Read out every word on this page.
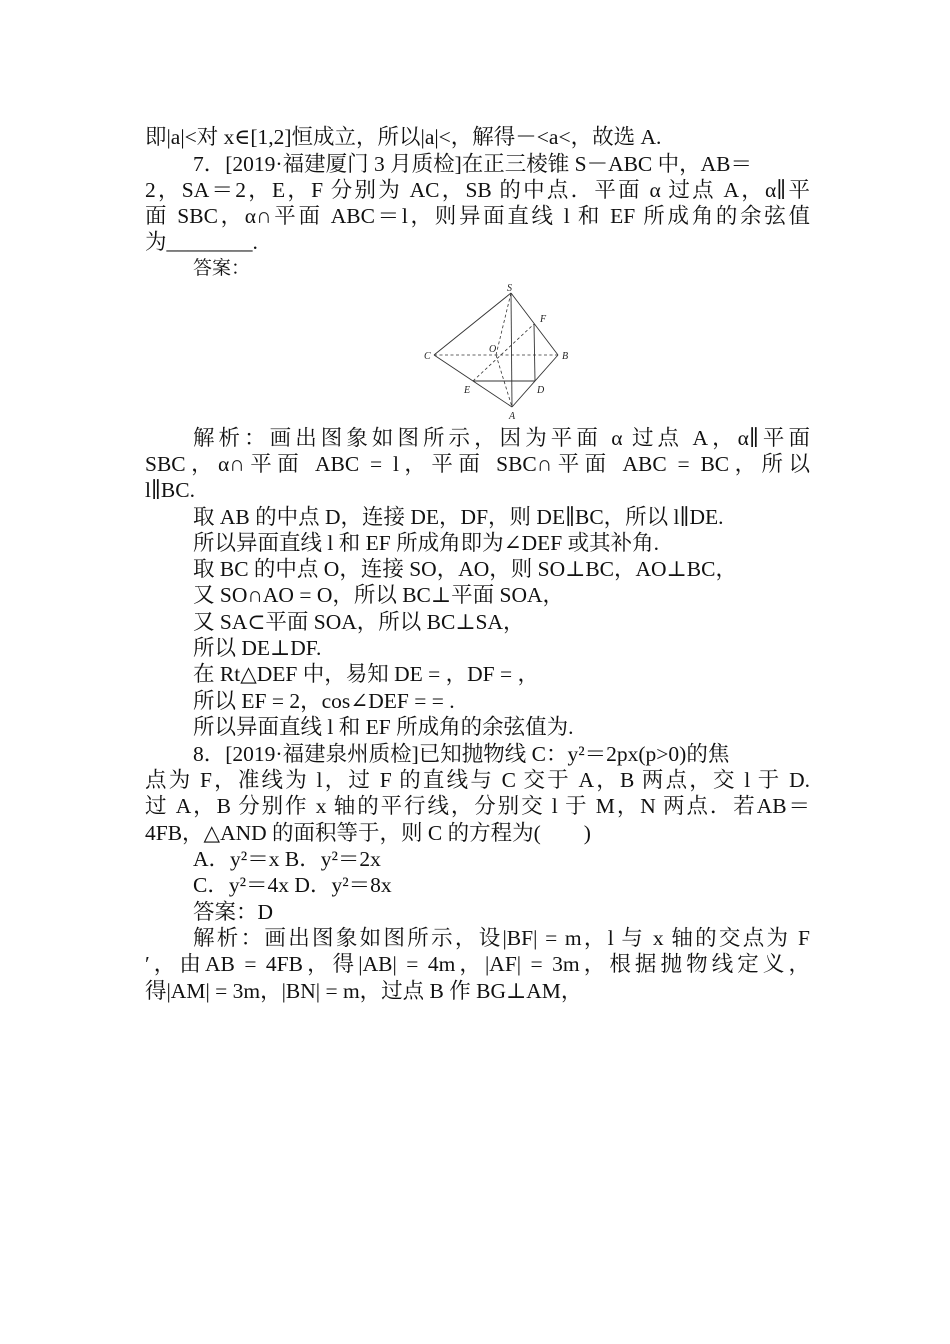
即|a|<对 x∈[1,2]恒成立，所以|a|<，解得－<a<，故选 A.
7．[2019·福建厦门 3 月质检]在正三棱锥 S－ABC 中，AB＝
2，SA＝2，E，F 分别为 AC，SB 的中点．平面 α 过点 A，α∥平
面 SBC，α∩平面 ABC＝l，则异面直线 l 和 EF 所成角的余弦值
为________.
答案：
S
F
C
O
B
E	D
A
解析：画出图象如图所示，因为平面 α 过点 A，α∥平面
SBC，α∩平面 ABC = l，平面 SBC∩平面 ABC = BC，所以
l∥BC.
取 AB 的中点 D，连接 DE，DF，则 DE∥BC，所以 l∥DE.
所以异面直线 l 和 EF 所成角即为∠DEF 或其补角.
取 BC 的中点 O，连接 SO，AO，则 SO⊥BC，AO⊥BC，
又 SO∩AO = O，所以 BC⊥平面 SOA，
又 SA⊂平面 SOA，所以 BC⊥SA，
所以 DE⊥DF.
在 Rt△DEF 中，易知 DE = ，DF = ，
所以 EF = 2，cos∠DEF = = .
所以异面直线 l 和 EF 所成角的余弦值为.
8．[2019·福建泉州质检]已知抛物线 C：y²＝2px(p>0)的焦
点为 F，准线为 l，过 F 的直线与 C 交于 A，B 两点，交 l 于 D.
过 A，B 分别作 x 轴的平行线，分别交 l 于 M，N 两点．若AB＝
4FB，△AND 的面积等于，则 C 的方程为(　　)
A．y²＝x B．y²＝2x
C．y²＝4x D．y²＝8x
答案：D
解析：画出图象如图所示，设|BF| = m，l 与 x 轴的交点为 F
′，由AB = 4FB，得|AB| = 4m，|AF| = 3m，根据抛物线定义，
得|AM| = 3m，|BN| = m，过点 B 作 BG⊥AM，
